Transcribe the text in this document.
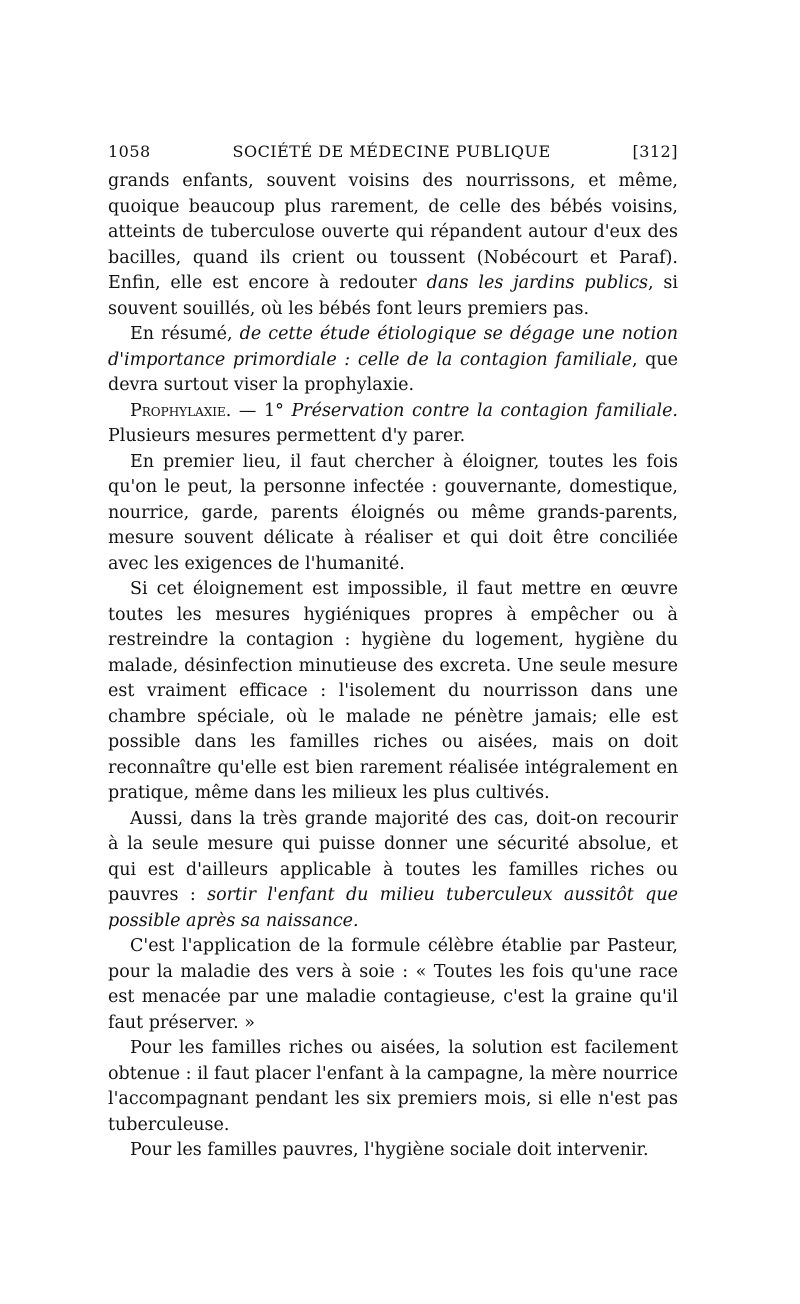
1058	SOCIÉTÉ DE MÉDECINE PUBLIQUE	[312]

grands enfants, souvent voisins des nourrissons, et même, quoique beaucoup plus rarement, de celle des bébés voisins, atteints de tuberculose ouverte qui répandent autour d'eux des bacilles, quand ils crient ou toussent (Nobécourt et Paraf). Enfin, elle est encore à redouter dans les jardins publics, si souvent souillés, où les bébés font leurs premiers pas.

En résumé, de cette étude étiologique se dégage une notion d'importance primordiale : celle de la contagion familiale, que devra surtout viser la prophylaxie.

Prophylaxie. — 1° Préservation contre la contagion familiale. Plusieurs mesures permettent d'y parer.

En premier lieu, il faut chercher à éloigner, toutes les fois qu'on le peut, la personne infectée : gouvernante, domestique, nourrice, garde, parents éloignés ou même grands-parents, mesure souvent délicate à réaliser et qui doit être conciliée avec les exigences de l'humanité.

Si cet éloignement est impossible, il faut mettre en œuvre toutes les mesures hygiéniques propres à empêcher ou à restreindre la contagion : hygiène du logement, hygiène du malade, désinfection minutieuse des excreta. Une seule mesure est vraiment efficace : l'isolement du nourrisson dans une chambre spéciale, où le malade ne pénètre jamais; elle est possible dans les familles riches ou aisées, mais on doit reconnaître qu'elle est bien rarement réalisée intégralement en pratique, même dans les milieux les plus cultivés.

Aussi, dans la très grande majorité des cas, doit-on recourir à la seule mesure qui puisse donner une sécurité absolue, et qui est d'ailleurs applicable à toutes les familles riches ou pauvres : sortir l'enfant du milieu tuberculeux aussitôt que possible après sa naissance.

C'est l'application de la formule célèbre établie par Pasteur, pour la maladie des vers à soie : « Toutes les fois qu'une race est menacée par une maladie contagieuse, c'est la graine qu'il faut préserver. »

Pour les familles riches ou aisées, la solution est facilement obtenue : il faut placer l'enfant à la campagne, la mère nourrice l'accompagnant pendant les six premiers mois, si elle n'est pas tuberculeuse.

Pour les familles pauvres, l'hygiène sociale doit intervenir.
